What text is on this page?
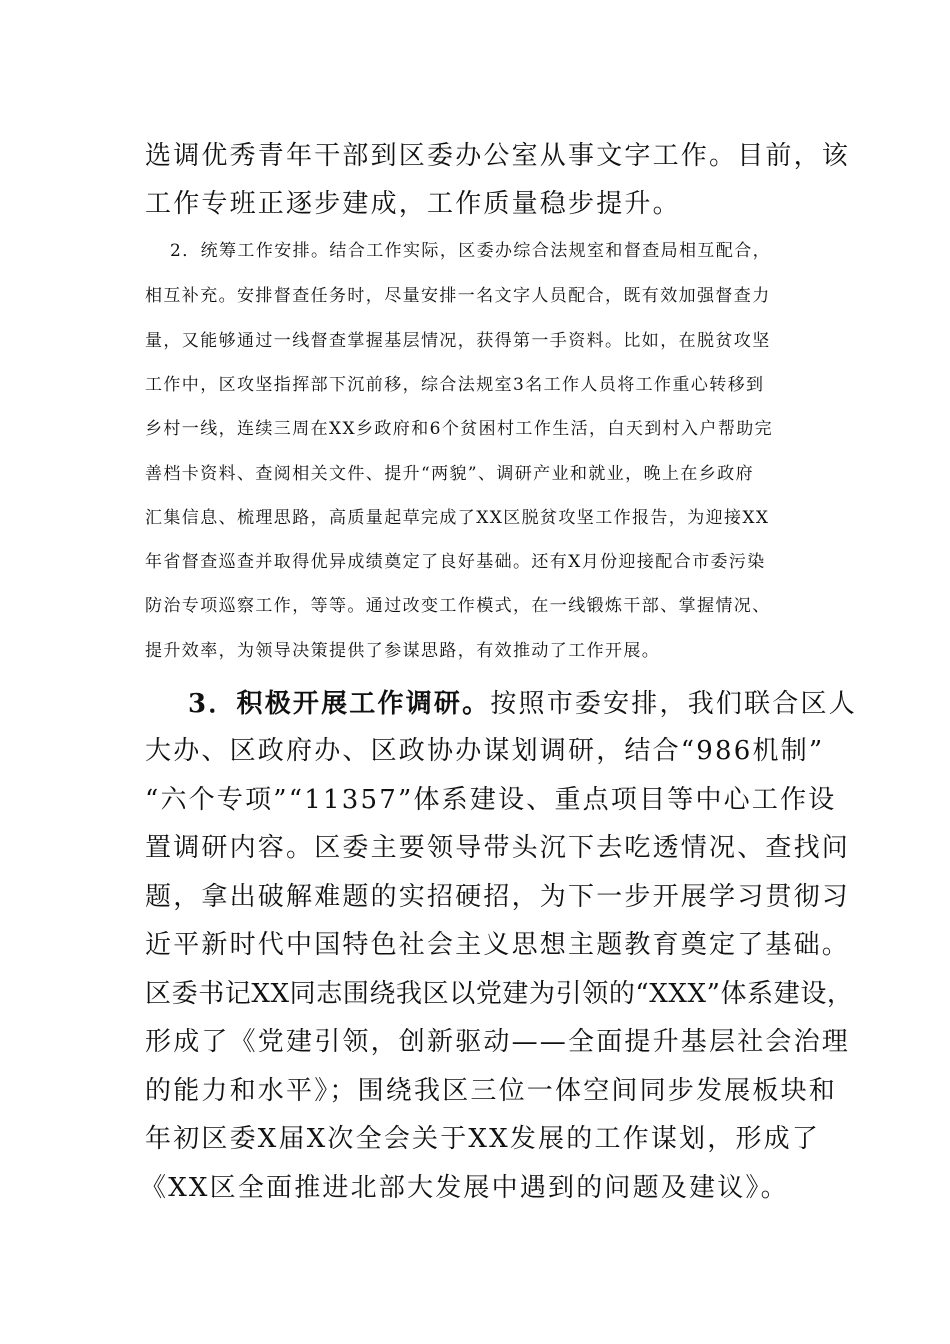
选调优秀青年干部到区委办公室从事文字工作。目前，该
工作专班正逐步建成，工作质量稳步提升。
2．统筹工作安排。结合工作实际，区委办综合法规室和督查局相互配合，
相互补充。安排督查任务时，尽量安排一名文字人员配合，既有效加强督查力
量，又能够通过一线督查掌握基层情况，获得第一手资料。比如，在脱贫攻坚
工作中，区攻坚指挥部下沉前移，综合法规室3名工作人员将工作重心转移到
乡村一线，连续三周在XX乡政府和6个贫困村工作生活，白天到村入户帮助完
善档卡资料、查阅相关文件、提升“两貌”、调研产业和就业，晚上在乡政府
汇集信息、梳理思路，高质量起草完成了XX区脱贫攻坚工作报告，为迎接XX
年省督查巡查并取得优异成绩奠定了良好基础。还有X月份迎接配合市委污染
防治专项巡察工作，等等。通过改变工作模式，在一线锻炼干部、掌握情况、
提升效率，为领导决策提供了参谋思路，有效推动了工作开展。
3．积极开展工作调研。按照市委安排，我们联合区人
大办、区政府办、区政协办谋划调研，结合“986机制”
“六个专项”“11357”体系建设、重点项目等中心工作设
置调研内容。区委主要领导带头沉下去吃透情况、查找问
题，拿出破解难题的实招硬招，为下一步开展学习贯彻习
近平新时代中国特色社会主义思想主题教育奠定了基础。
区委书记XX同志围绕我区以党建为引领的“XXX”体系建设，
形成了《党建引领，创新驱动——全面提升基层社会治理
的能力和水平》；围绕我区三位一体空间同步发展板块和
年初区委X届X次全会关于XX发展的工作谋划，形成了
《XX区全面推进北部大发展中遇到的问题及建议》。
